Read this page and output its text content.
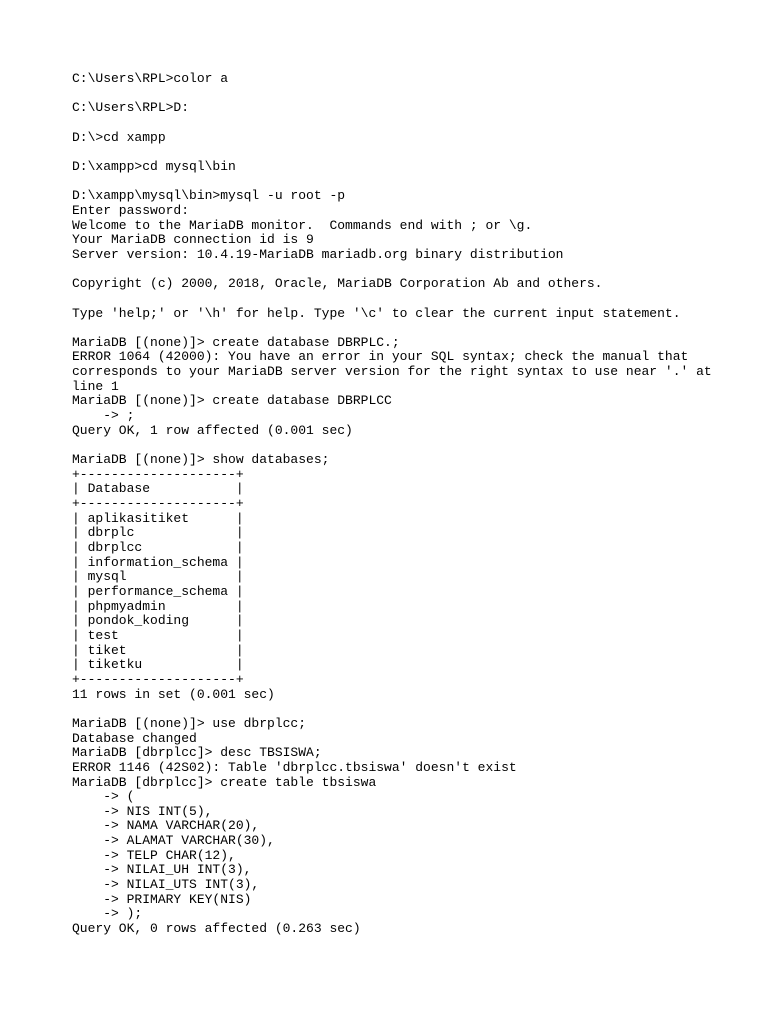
C:\Users\RPL>color a

C:\Users\RPL>D:

D:\>cd xampp

D:\xampp>cd mysql\bin

D:\xampp\mysql\bin>mysql -u root -p
Enter password:
Welcome to the MariaDB monitor.  Commands end with ; or \g.
Your MariaDB connection id is 9
Server version: 10.4.19-MariaDB mariadb.org binary distribution

Copyright (c) 2000, 2018, Oracle, MariaDB Corporation Ab and others.

Type 'help;' or '\h' for help. Type '\c' to clear the current input statement.

MariaDB [(none)]> create database DBRPLC.;
ERROR 1064 (42000): You have an error in your SQL syntax; check the manual that
corresponds to your MariaDB server version for the right syntax to use near '.' at
line 1
MariaDB [(none)]> create database DBRPLCC
-> ;
Query OK, 1 row affected (0.001 sec)

MariaDB [(none)]> show databases;
+--------------------+
| Database           |
+--------------------+
| aplikasitiket      |
| dbrplc             |
| dbrplcc            |
| information_schema |
| mysql              |
| performance_schema |
| phpmyadmin         |
| pondok_koding      |
| test               |
| tiket              |
| tiketku            |
+--------------------+
11 rows in set (0.001 sec)

MariaDB [(none)]> use dbrplcc;
Database changed
MariaDB [dbrplcc]> desc TBSISWA;
ERROR 1146 (42S02): Table 'dbrplcc.tbsiswa' doesn't exist
MariaDB [dbrplcc]> create table tbsiswa
-> (
-> NIS INT(5),
-> NAMA VARCHAR(20),
-> ALAMAT VARCHAR(30),
-> TELP CHAR(12),
-> NILAI_UH INT(3),
-> NILAI_UTS INT(3),
-> PRIMARY KEY(NIS)
-> );
Query OK, 0 rows affected (0.263 sec)
